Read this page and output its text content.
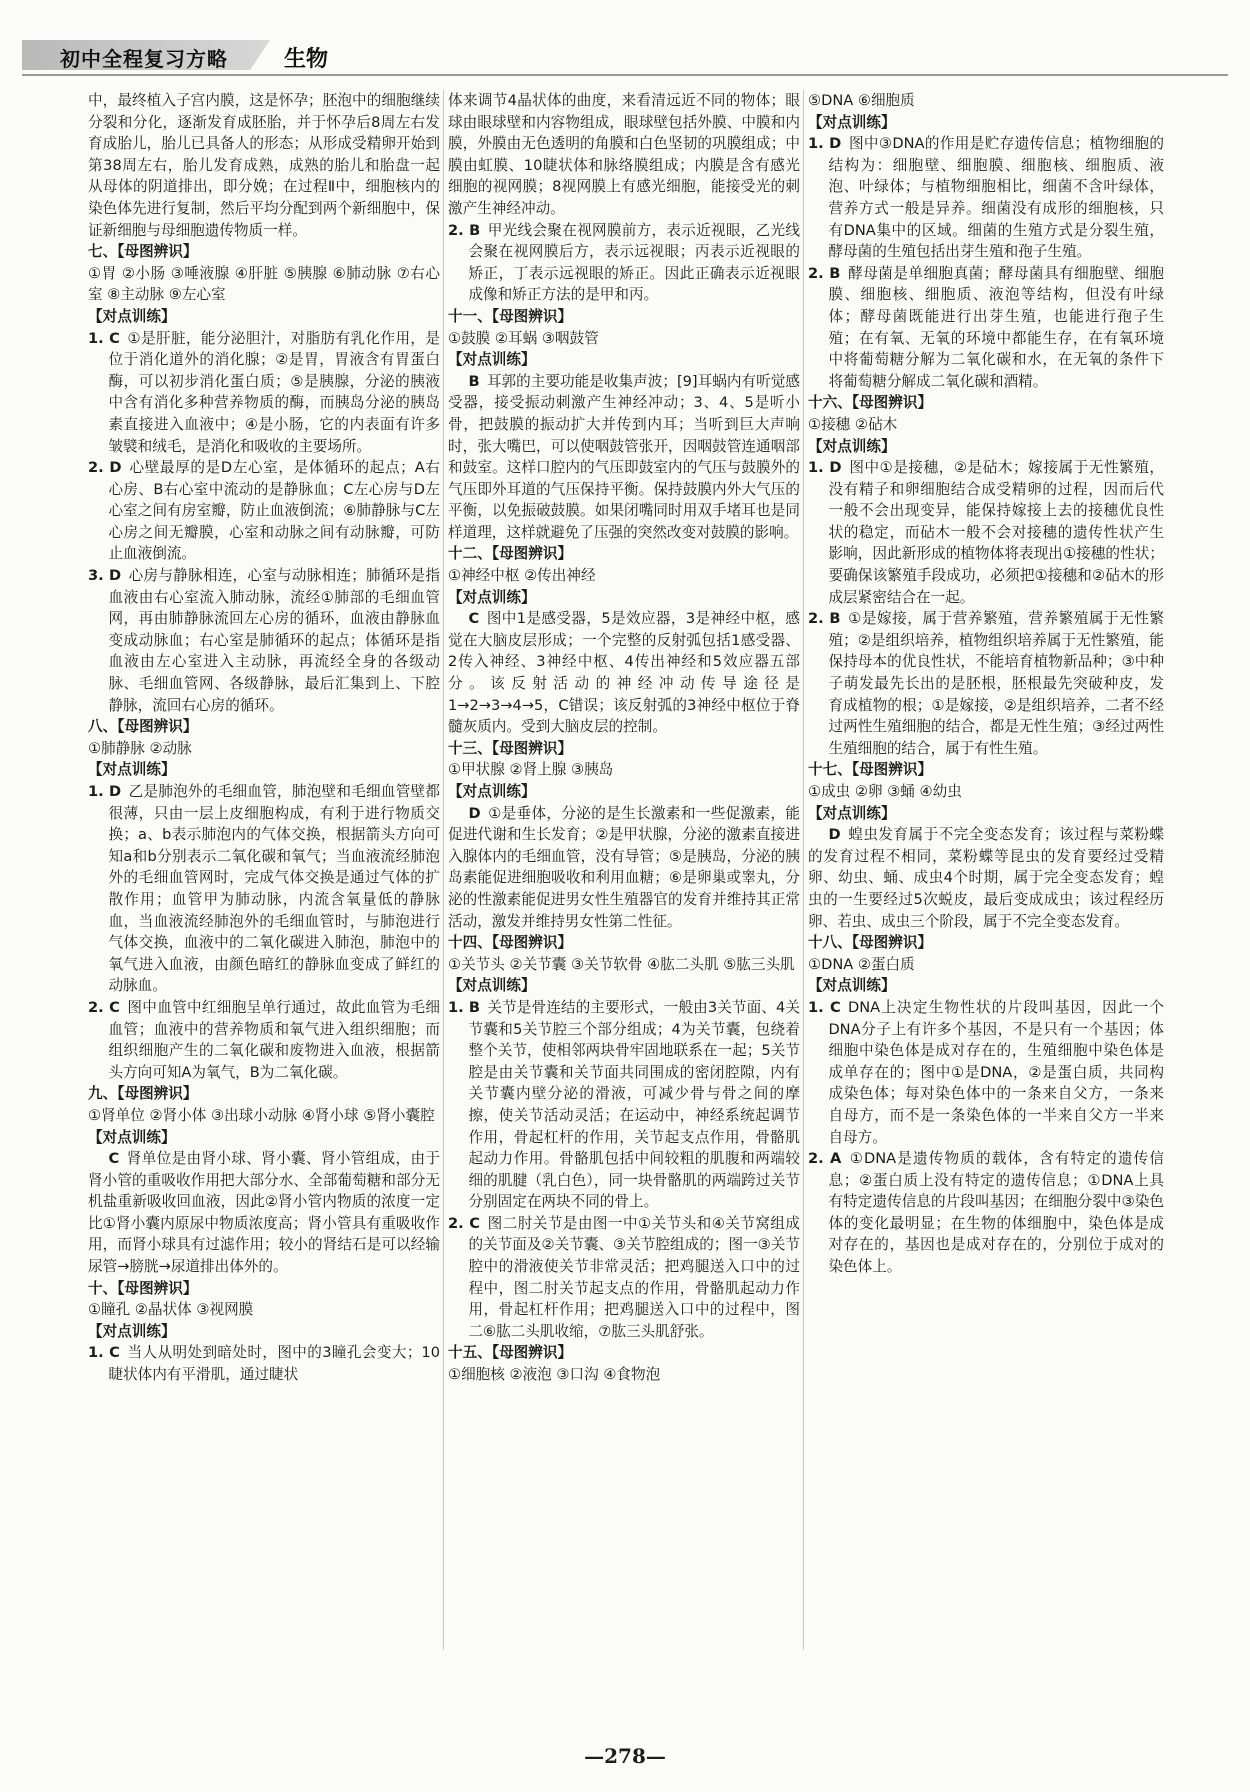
初中全程复习方略	生物

中，最终植入子宫内膜，这是怀孕；胚泡中的细胞继续分裂和分化，逐渐发育成胚胎，并于怀孕后8周左右发育成胎儿，胎儿已具备人的形态；从形成受精卵开始到第38周左右，胎儿发育成熟，成熟的胎儿和胎盘一起从母体的阴道排出，即分娩；在过程Ⅱ中，细胞核内的染色体先进行复制，然后平均分配到两个新细胞中，保证新细胞与母细胞遗传物质一样。

七、【母图辨识】

①胃 ②小肠 ③唾液腺 ④肝脏 ⑤胰腺 ⑥肺动脉 ⑦右心室 ⑧主动脉 ⑨左心室

【对点训练】

1. C  ①是肝脏，能分泌胆汁，对脂肪有乳化作用，是位于消化道外的消化腺；②是胃，胃液含有胃蛋白酶，可以初步消化蛋白质；⑤是胰腺，分泌的胰液中含有消化多种营养物质的酶，而胰岛分泌的胰岛素直接进入血液中；④是小肠，它的内表面有许多皱襞和绒毛，是消化和吸收的主要场所。

2. D  心壁最厚的是D左心室，是体循环的起点；A右心房、B右心室中流动的是静脉血；C左心房与D左心室之间有房室瓣，防止血液倒流；⑥肺静脉与C左心房之间无瓣膜，心室和动脉之间有动脉瓣，可防止血液倒流。

3. D  心房与静脉相连，心室与动脉相连；肺循环是指血液由右心室流入肺动脉，流经①肺部的毛细血管网，再由肺静脉流回左心房的循环，血液由静脉血变成动脉血；右心室是肺循环的起点；体循环是指血液由左心室进入主动脉，再流经全身的各级动脉、毛细血管网、各级静脉，最后汇集到上、下腔静脉，流回右心房的循环。

八、【母图辨识】

①肺静脉 ②动脉

【对点训练】

1. D  乙是肺泡外的毛细血管，肺泡壁和毛细血管壁都很薄，只由一层上皮细胞构成，有利于进行物质交换；a、b表示肺泡内的气体交换，根据箭头方向可知a和b分别表示二氧化碳和氧气；当血液流经肺泡外的毛细血管网时，完成气体交换是通过气体的扩散作用；血管甲为肺动脉，内流含氧量低的静脉血，当血液流经肺泡外的毛细血管时，与肺泡进行气体交换，血液中的二氧化碳进入肺泡，肺泡中的氧气进入血液，由颜色暗红的静脉血变成了鲜红的动脉血。

2. C  图中血管中红细胞呈单行通过，故此血管为毛细血管；血液中的营养物质和氧气进入组织细胞；而组织细胞产生的二氧化碳和废物进入血液，根据箭头方向可知A为氧气，B为二氧化碳。

九、【母图辨识】

①肾单位 ②肾小体 ③出球小动脉 ④肾小球 ⑤肾小囊腔

【对点训练】

C  肾单位是由肾小球、肾小囊、肾小管组成，由于肾小管的重吸收作用把大部分水、全部葡萄糖和部分无机盐重新吸收回血液，因此②肾小管内物质的浓度一定比①肾小囊内原尿中物质浓度高；肾小管具有重吸收作用，而肾小球具有过滤作用；较小的肾结石是可以经输尿管→膀胱→尿道排出体外的。

十、【母图辨识】

①瞳孔 ②晶状体 ③视网膜

【对点训练】

1. C  当人从明处到暗处时，图中的3瞳孔会变大；10睫状体内有平滑肌，通过睫状

体来调节4晶状体的曲度，来看清远近不同的物体；眼球由眼球壁和内容物组成，眼球壁包括外膜、中膜和内膜，外膜由无色透明的角膜和白色坚韧的巩膜组成；中膜由虹膜、10睫状体和脉络膜组成；内膜是含有感光细胞的视网膜；8视网膜上有感光细胞，能接受光的刺激产生神经冲动。

2. B  甲光线会聚在视网膜前方，表示近视眼，乙光线会聚在视网膜后方，表示远视眼；丙表示近视眼的矫正，丁表示远视眼的矫正。因此正确表示近视眼成像和矫正方法的是甲和丙。

十一、【母图辨识】

①鼓膜 ②耳蜗 ③咽鼓管

【对点训练】

B  耳郭的主要功能是收集声波；[9]耳蜗内有听觉感受器，接受振动刺激产生神经冲动；3、4、5是听小骨，把鼓膜的振动扩大并传到内耳；当听到巨大声响时，张大嘴巴，可以使咽鼓管张开，因咽鼓管连通咽部和鼓室。这样口腔内的气压即鼓室内的气压与鼓膜外的气压即外耳道的气压保持平衡。保持鼓膜内外大气压的平衡，以免振破鼓膜。如果闭嘴同时用双手堵耳也是同样道理，这样就避免了压强的突然改变对鼓膜的影响。

十二、【母图辨识】

①神经中枢 ②传出神经

【对点训练】

C  图中1是感受器，5是效应器，3是神经中枢，感觉在大脑皮层形成；一个完整的反射弧包括1感受器、2传入神经、3神经中枢、4传出神经和5效应器五部分。该反射活动的神经冲动传导途径是1→2→3→4→5，C错误；该反射弧的3神经中枢位于脊髓灰质内。受到大脑皮层的控制。

十三、【母图辨识】

①甲状腺 ②肾上腺 ③胰岛

【对点训练】

D  ①是垂体，分泌的是生长激素和一些促激素，能促进代谢和生长发育；②是甲状腺，分泌的激素直接进入腺体内的毛细血管，没有导管；⑤是胰岛，分泌的胰岛素能促进细胞吸收和利用血糖；⑥是卵巢或睾丸，分泌的性激素能促进男女性生殖器官的发育并维持其正常活动，激发并维持男女性第二性征。

十四、【母图辨识】

①关节头 ②关节囊 ③关节软骨 ④肱二头肌 ⑤肱三头肌

【对点训练】

1. B  关节是骨连结的主要形式，一般由3关节面、4关节囊和5关节腔三个部分组成；4为关节囊，包绕着整个关节，使相邻两块骨牢固地联系在一起；5关节腔是由关节囊和关节面共同围成的密闭腔隙，内有关节囊内壁分泌的滑液，可减少骨与骨之间的摩擦，使关节活动灵活；在运动中，神经系统起调节作用，骨起杠杆的作用，关节起支点作用，骨骼肌起动力作用。骨骼肌包括中间较粗的肌腹和两端较细的肌腱（乳白色），同一块骨骼肌的两端跨过关节分别固定在两块不同的骨上。

2. C  图二肘关节是由图一中①关节头和④关节窝组成的关节面及②关节囊、③关节腔组成的；图一③关节腔中的滑液使关节非常灵活；把鸡腿送入口中的过程中，图二肘关节起支点的作用，骨骼肌起动力作用，骨起杠杆作用；把鸡腿送入口中的过程中，图二⑥肱二头肌收缩，⑦肱三头肌舒张。

十五、【母图辨识】

①细胞核 ②液泡 ③口沟 ④食物泡

⑤DNA ⑥细胞质

【对点训练】

1. D  图中③DNA的作用是贮存遗传信息；植物细胞的结构为：细胞壁、细胞膜、细胞核、细胞质、液泡、叶绿体；与植物细胞相比，细菌不含叶绿体，营养方式一般是异养。细菌没有成形的细胞核，只有DNA集中的区域。细菌的生殖方式是分裂生殖，酵母菌的生殖包括出芽生殖和孢子生殖。

2. B  酵母菌是单细胞真菌；酵母菌具有细胞壁、细胞膜、细胞核、细胞质、液泡等结构，但没有叶绿体；酵母菌既能进行出芽生殖，也能进行孢子生殖；在有氧、无氧的环境中都能生存，在有氧环境中将葡萄糖分解为二氧化碳和水，在无氧的条件下将葡萄糖分解成二氧化碳和酒精。

十六、【母图辨识】

①接穗 ②砧木

【对点训练】

1. D  图中①是接穗，②是砧木；嫁接属于无性繁殖，没有精子和卵细胞结合成受精卵的过程，因而后代一般不会出现变异，能保持嫁接上去的接穗优良性状的稳定，而砧木一般不会对接穗的遗传性状产生影响，因此新形成的植物体将表现出①接穗的性状；要确保该繁殖手段成功，必须把①接穗和②砧木的形成层紧密结合在一起。

2. B  ①是嫁接，属于营养繁殖，营养繁殖属于无性繁殖；②是组织培养，植物组织培养属于无性繁殖，能保持母本的优良性状，不能培育植物新品种；③中种子萌发最先长出的是胚根，胚根最先突破种皮，发育成植物的根；①是嫁接，②是组织培养，二者不经过两性生殖细胞的结合，都是无性生殖；③经过两性生殖细胞的结合，属于有性生殖。

十七、【母图辨识】

①成虫 ②卵 ③蛹 ④幼虫

【对点训练】

D  蝗虫发育属于不完全变态发育；该过程与菜粉蝶的发育过程不相同，菜粉蝶等昆虫的发育要经过受精卵、幼虫、蛹、成虫4个时期，属于完全变态发育；蝗虫的一生要经过5次蜕皮，最后变成成虫；该过程经历卵、若虫、成虫三个阶段，属于不完全变态发育。

十八、【母图辨识】

①DNA ②蛋白质

【对点训练】

1. C  DNA上决定生物性状的片段叫基因，因此一个DNA分子上有许多个基因，不是只有一个基因；体细胞中染色体是成对存在的，生殖细胞中染色体是成单存在的；图中①是DNA，②是蛋白质，共同构成染色体；每对染色体中的一条来自父方，一条来自母方，而不是一条染色体的一半来自父方一半来自母方。

2. A  ①DNA是遗传物质的载体，含有特定的遗传信息；②蛋白质上没有特定的遗传信息；①DNA上具有特定遗传信息的片段叫基因；在细胞分裂中③染色体的变化最明显；在生物的体细胞中，染色体是成对存在的，基因也是成对存在的，分别位于成对的染色体上。

—278—
